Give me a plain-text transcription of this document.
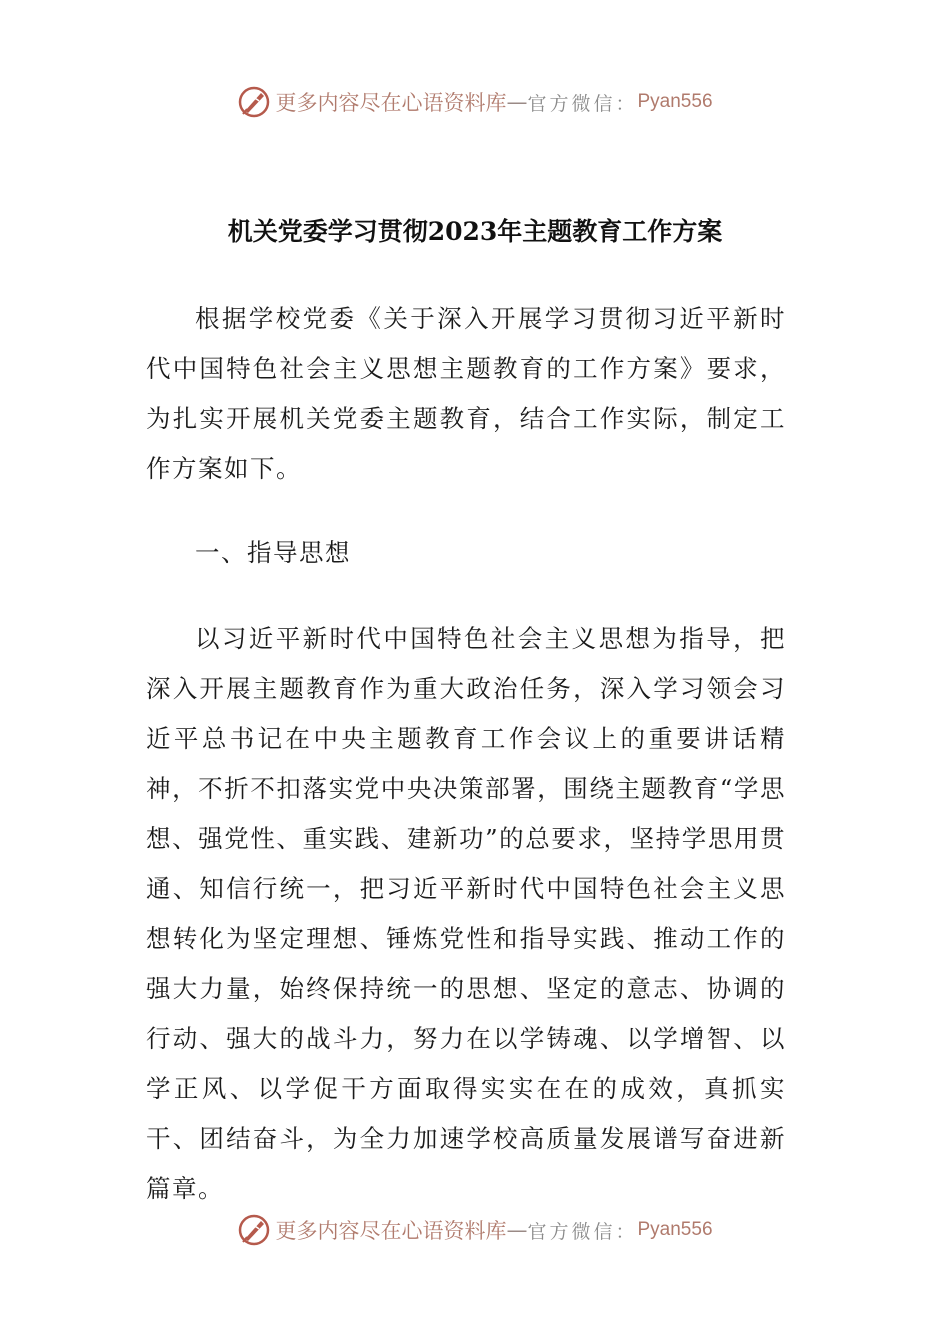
更多内容尽在心语资料库 — 官方微信： Pyan556
机关党委学习贯彻2023年主题教育工作方案

根据学校党委《关于深入开展学习贯彻习近平新时代中国特色社会主义思想主题教育的工作方案》要求，为扎实开展机关党委主题教育，结合工作实际，制定工作方案如下。

一、指导思想

以习近平新时代中国特色社会主义思想为指导，把深入开展主题教育作为重大政治任务，深入学习领会习近平总书记在中央主题教育工作会议上的重要讲话精神，不折不扣落实党中央决策部署，围绕主题教育“学思想、强党性、重实践、建新功”的总要求，坚持学思用贯通、知信行统一，把习近平新时代中国特色社会主义思想转化为坚定理想、锤炼党性和指导实践、推动工作的强大力量，始终保持统一的思想、坚定的意志、协调的行动、强大的战斗力，努力在以学铸魂、以学增智、以学正风、以学促干方面取得实实在在的成效，真抓实干、团结奋斗，为全力加速学校高质量发展谱写奋进新篇章。

更多内容尽在心语资料库 — 官方微信： Pyan556
